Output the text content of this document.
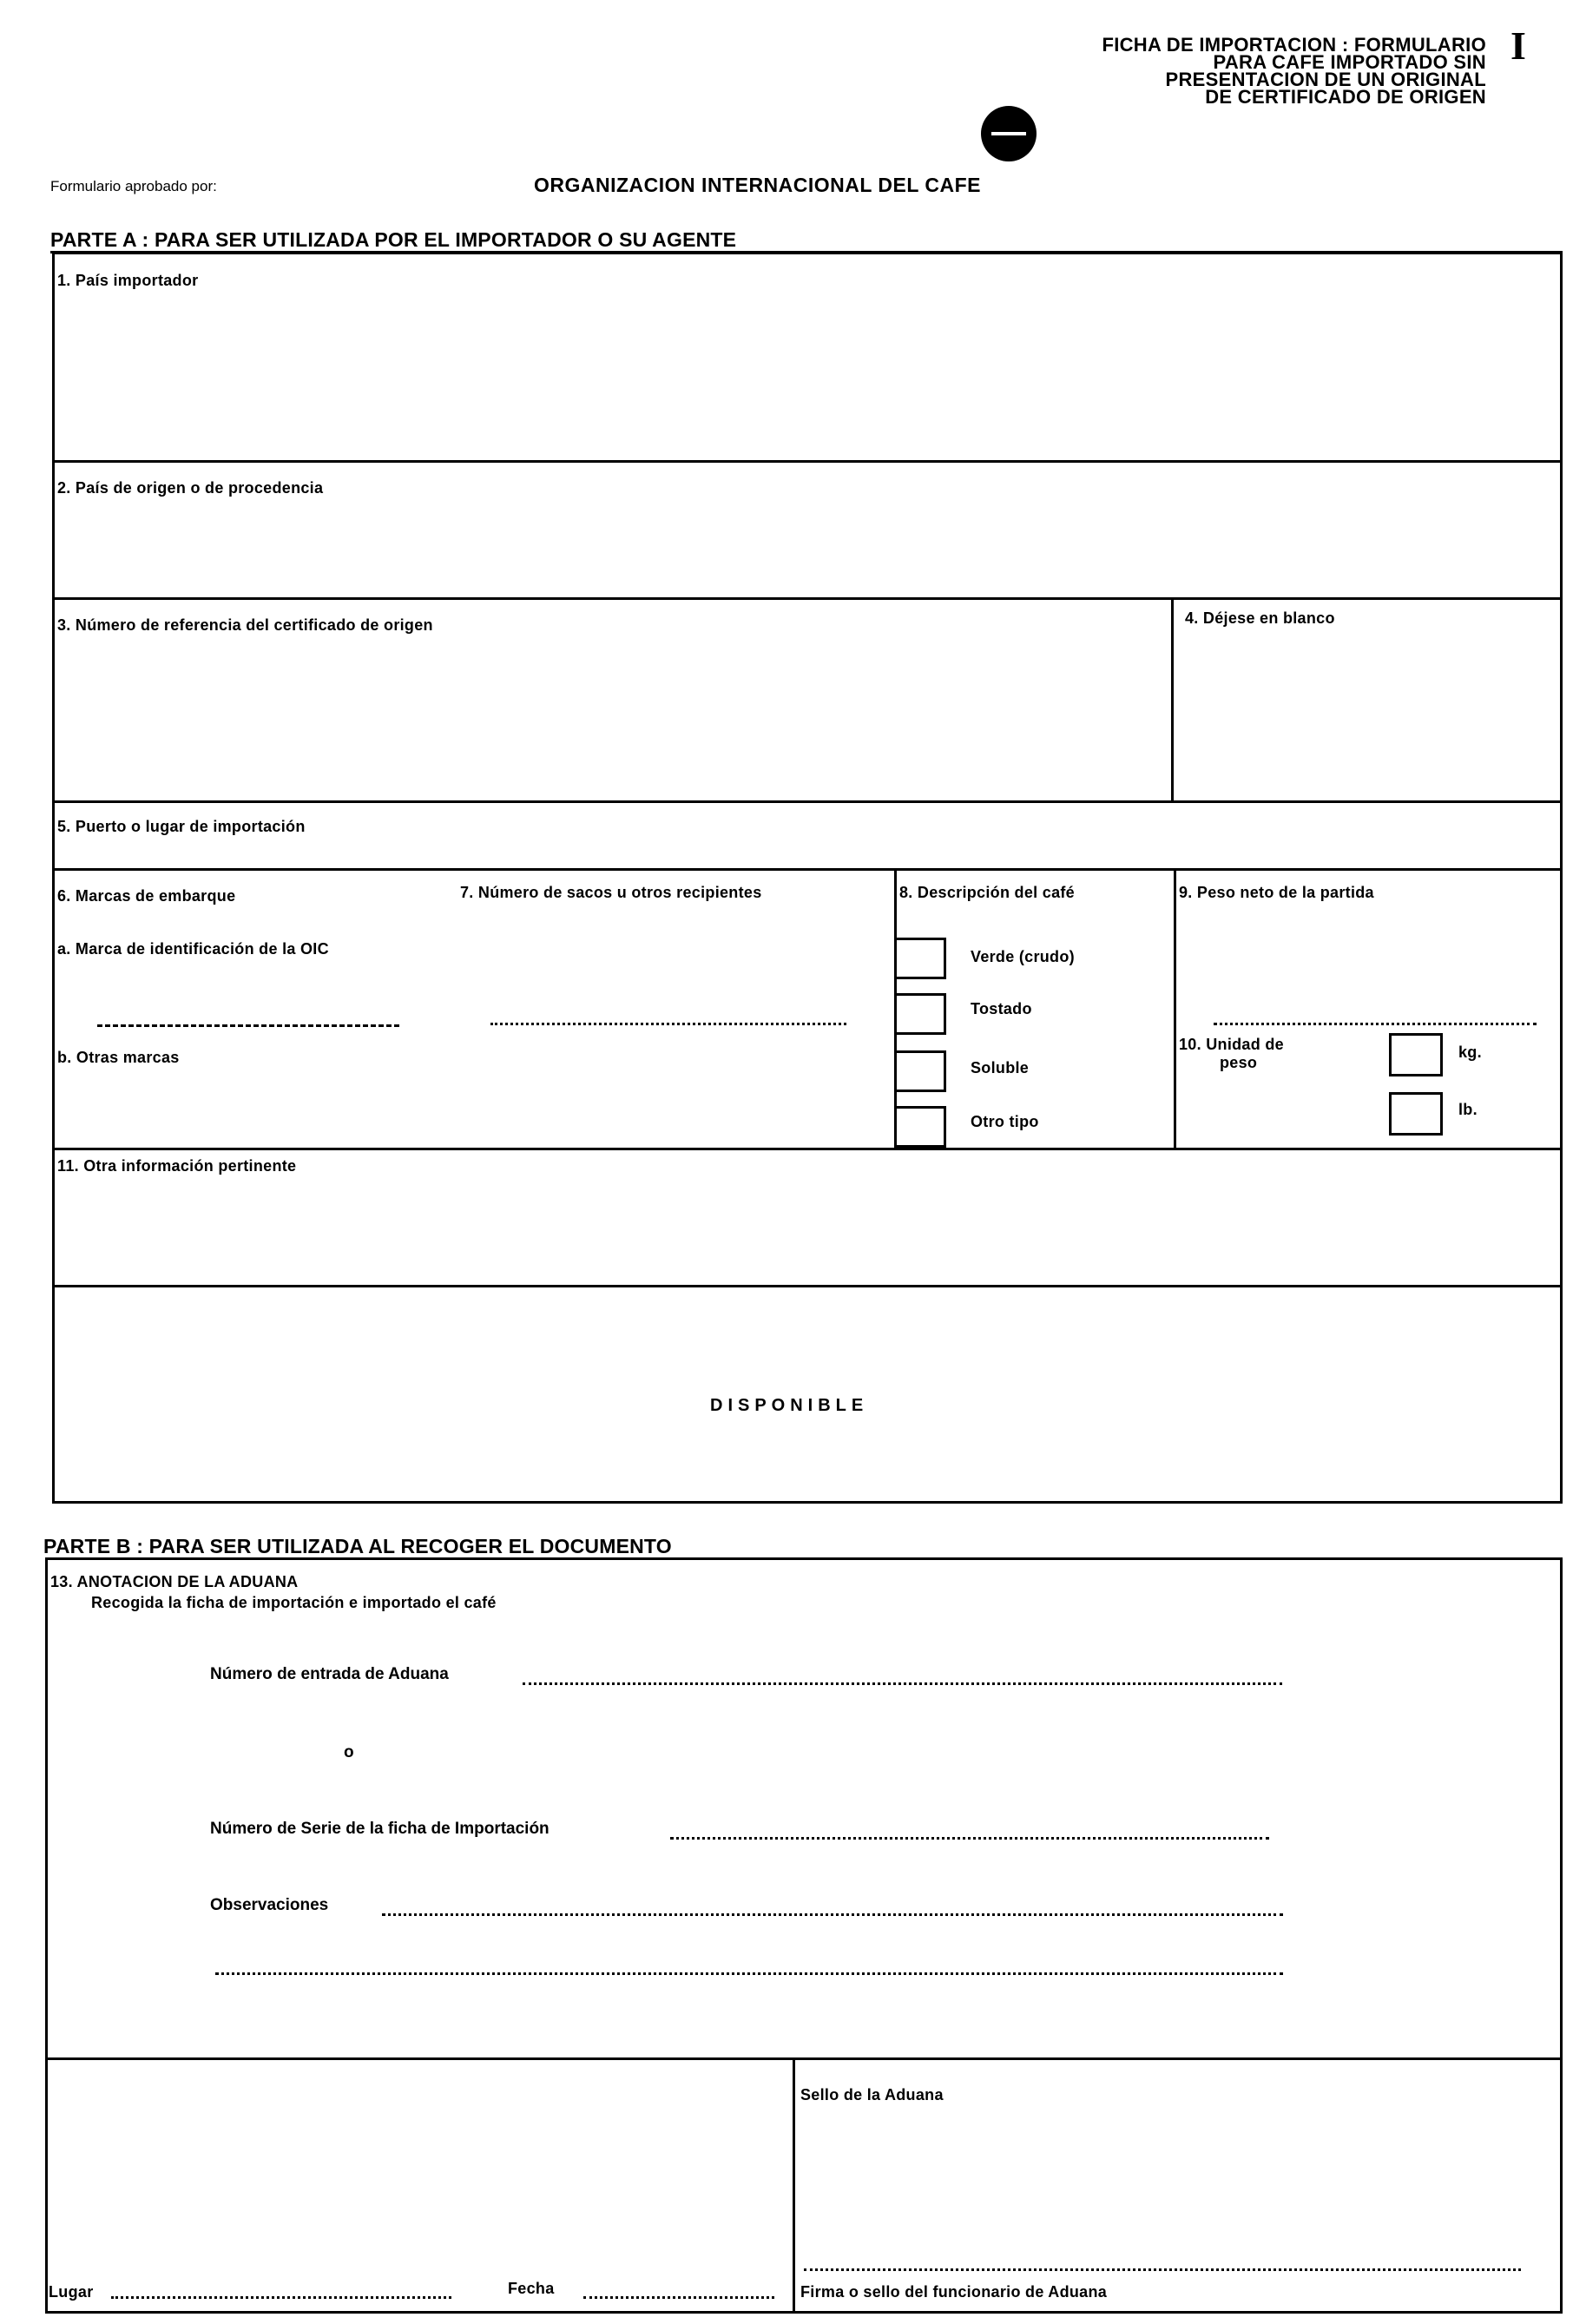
FICHA DE IMPORTACION : FORMULARIO
PARA CAFE IMPORTADO SIN
PRESENTACION DE UN ORIGINAL
DE CERTIFICADO DE ORIGEN
I
Formulario aprobado por:	ORGANIZACION INTERNACIONAL DEL CAFE
PARTE A : PARA SER UTILIZADA POR EL IMPORTADOR O SU AGENTE
1. País importador
2. País de origen o de procedencia
3. Número de referencia del certificado de origen	4. Déjese en blanco
5. Puerto o lugar de importación
6. Marcas de embarque	7. Número de sacos u otros recipientes
a. Marca de identificación de la OIC
b. Otras marcas
8. Descripción del café
Verde (crudo)
Tostado
Soluble
Otro tipo
9. Peso neto de la partida
10. Unidad de
peso
kg.
lb.
11. Otra información pertinente
DISPONIBLE
PARTE B : PARA SER UTILIZADA AL RECOGER EL DOCUMENTO
13. ANOTACION DE LA ADUANA
Recogida la ficha de importación e importado el café
Número de entrada de Aduana
o
Número de Serie de la ficha de Importación
Observaciones
Sello de la Aduana
Firma o sello del funcionario de Aduana
Lugar	Fecha
